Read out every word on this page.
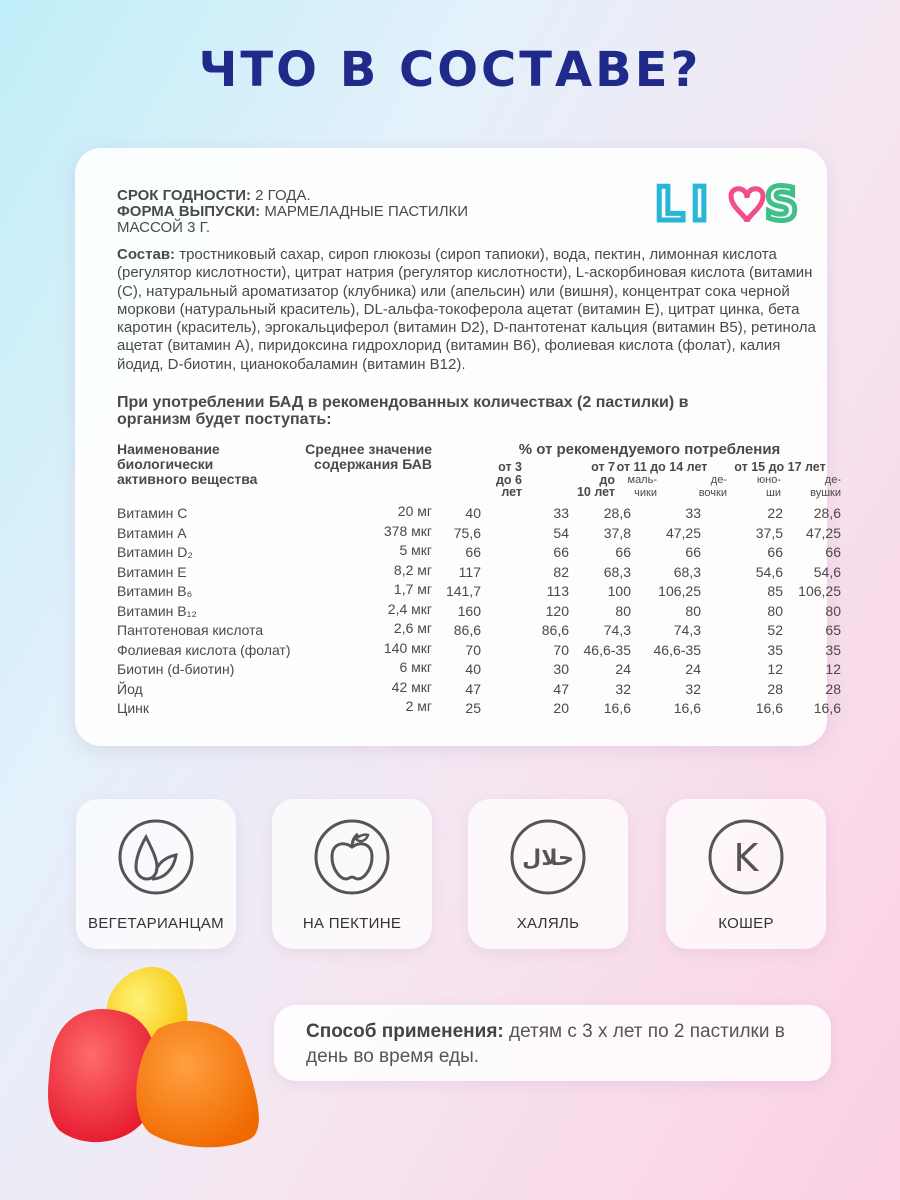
ЧТО В СОСТАВЕ?
L I S
СРОК ГОДНОСТИ: 2 ГОДА.
ФОРМА ВЫПУСКИ: МАРМЕЛАДНЫЕ ПАСТИЛКИ
МАССОЙ 3 Г.

Состав: тростниковый сахар, сироп глюкозы (сироп тапиоки), вода, пектин, лимонная кислота (регулятор кислотности), цитрат натрия (регулятор кислотности), L-аскорбиновая кислота (витамин (С), натуральный ароматизатор (клубника) или (апельсин) или (вишня), концентрат сока черной моркови (натуральный краситель), DL-альфа-токоферола ацетат (витамин Е), цитрат цинка, бета каротин (краситель), эргокальциферол (витамин D2), D-пантотенат кальция (витамин В5), ретинола ацетат (витамин А), пиридоксина гидрохлорид (витамин В6), фолиевая кислота (фолат), калия йодид, D-биотин, цианокобаламин (витамин В12).

При употреблении БАД в рекомендованных количествах (2 пастилки) в организм будет поступать:

Наименование биологически активного вещества
Среднее значение содержания БАВ
% от рекомендуемого потребления
от 3
до 6
лет
от 7
до
10 лет
от 11 до 14 лет
маль-
чики
де-
вочки
от 15 до 17 лет
юно-
ши
де-
вушки
Витамин С	20 мг	40	33	28,6	33	22	28,6
Витамин А	378 мкг	75,6	54	37,8	47,25	37,5	47,25
Витамин D₂	5 мкг	66	66	66	66	66	66
Витамин Е	8,2 мг	117	82	68,3	68,3	54,6	54,6
Витамин В₆	1,7 мг 141,7	113	100	106,25	85	106,25
Витамин В₁₂	2,4 мкг	160	120	80	80	80	80
Пантотеновая кислота	2,6 мг	86,6	86,6	74,3	74,3	52	65
Фолиевая кислота (фолат)	140 мкг	70	70	46,6-35	46,6-35	35	35
Биотин (d-биотин)	6 мкг	40	30	24	24	12	12
Йод	42 мкг	47	47	32	32	28	28
Цинк	2 мг	25	20	16,6	16,6	16,6	16,6
ВЕГЕТАРИАНЦАМ	НА ПЕКТИНЕ
حلال
ХАЛЯЛЬ
K
КОШЕР

Способ применения: детям с 3 х лет по 2 пастилки в день во время еды.
